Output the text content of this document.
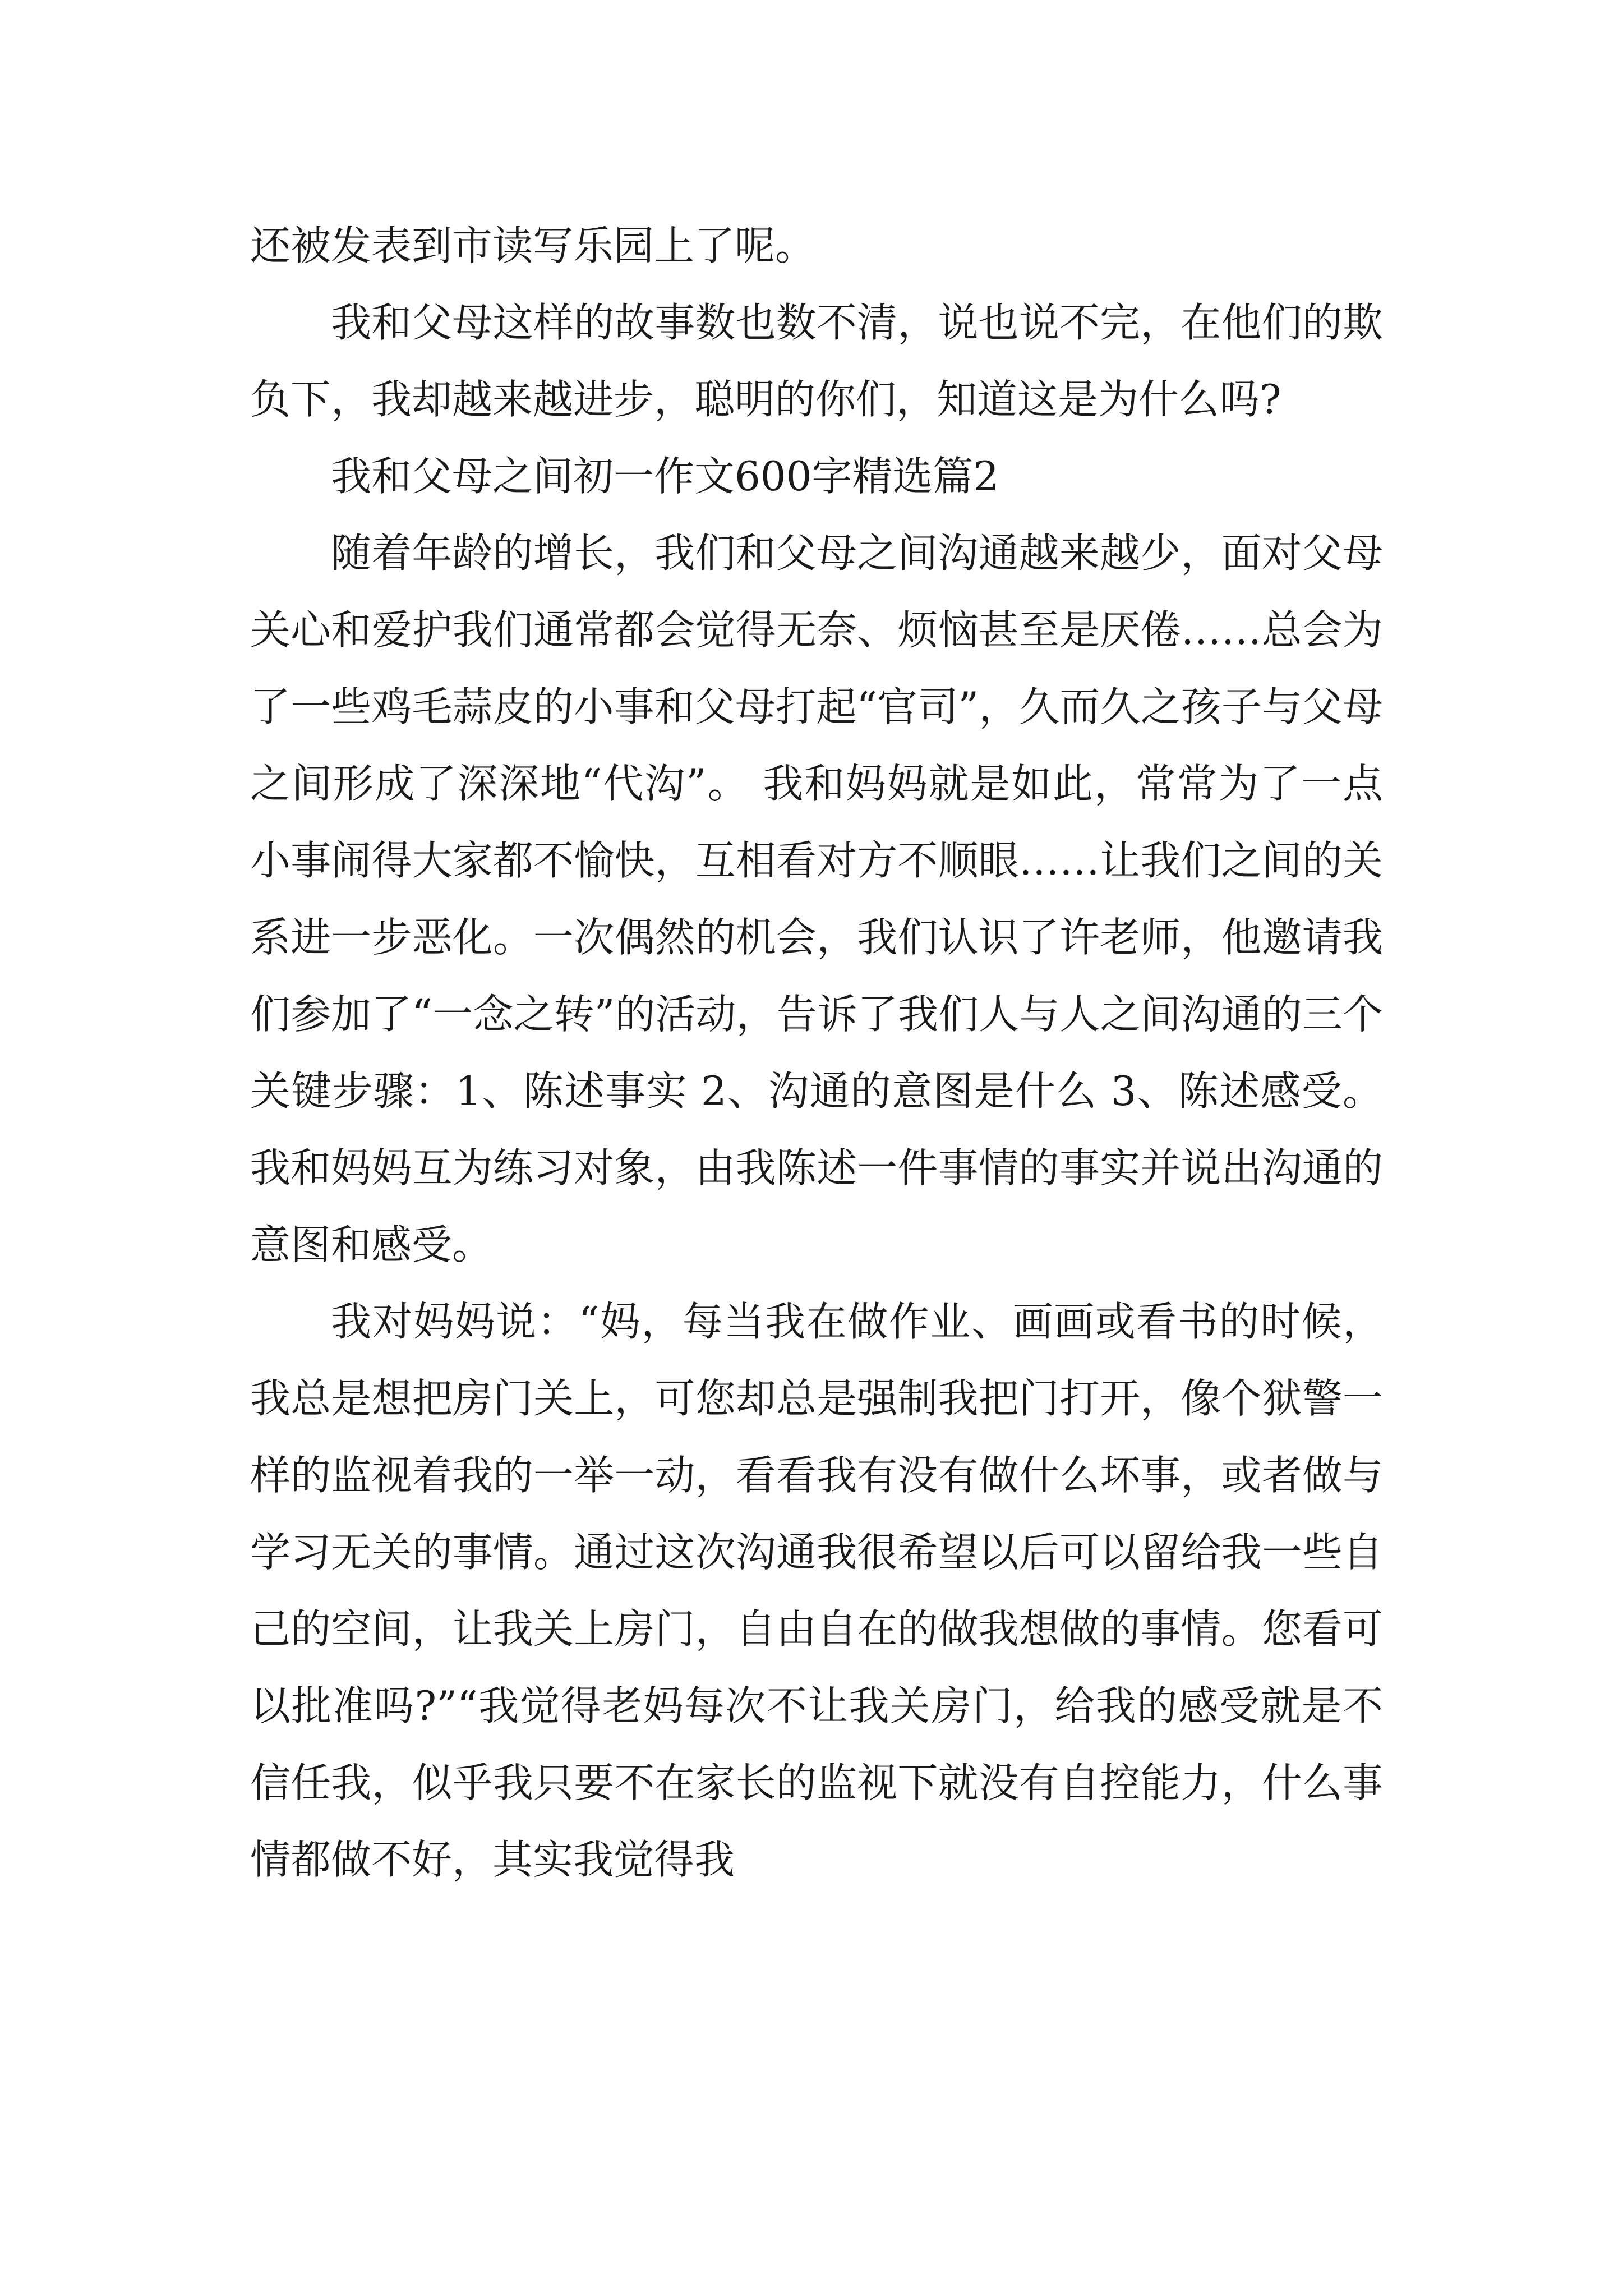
还被发表到市读写乐园上了呢。

我和父母这样的故事数也数不清，说也说不完，在他们的欺负下，我却越来越进步，聪明的你们，知道这是为什么吗?

我和父母之间初一作文600字精选篇2

随着年龄的增长，我们和父母之间沟通越来越少，面对父母关心和爱护我们通常都会觉得无奈、烦恼甚至是厌倦……总会为了一些鸡毛蒜皮的小事和父母打起“官司”，久而久之孩子与父母之间形成了深深地“代沟”。 我和妈妈就是如此，常常为了一点小事闹得大家都不愉快，互相看对方不顺眼……让我们之间的关系进一步恶化。一次偶然的机会，我们认识了许老师，他邀请我们参加了“一念之转”的活动，告诉了我们人与人之间沟通的三个关键步骤：1、陈述事实 2、沟通的意图是什么 3、陈述感受。 我和妈妈互为练习对象，由我陈述一件事情的事实并说出沟通的意图和感受。

我对妈妈说：“妈，每当我在做作业、画画或看书的时候，我总是想把房门关上，可您却总是强制我把门打开，像个狱警一样的监视着我的一举一动，看看我有没有做什么坏事，或者做与学习无关的事情。通过这次沟通我很希望以后可以留给我一些自己的空间，让我关上房门，自由自在的做我想做的事情。您看可以批准吗?”“我觉得老妈每次不让我关房门，给我的感受就是不信任我，似乎我只要不在家长的监视下就没有自控能力，什么事情都做不好，其实我觉得我
